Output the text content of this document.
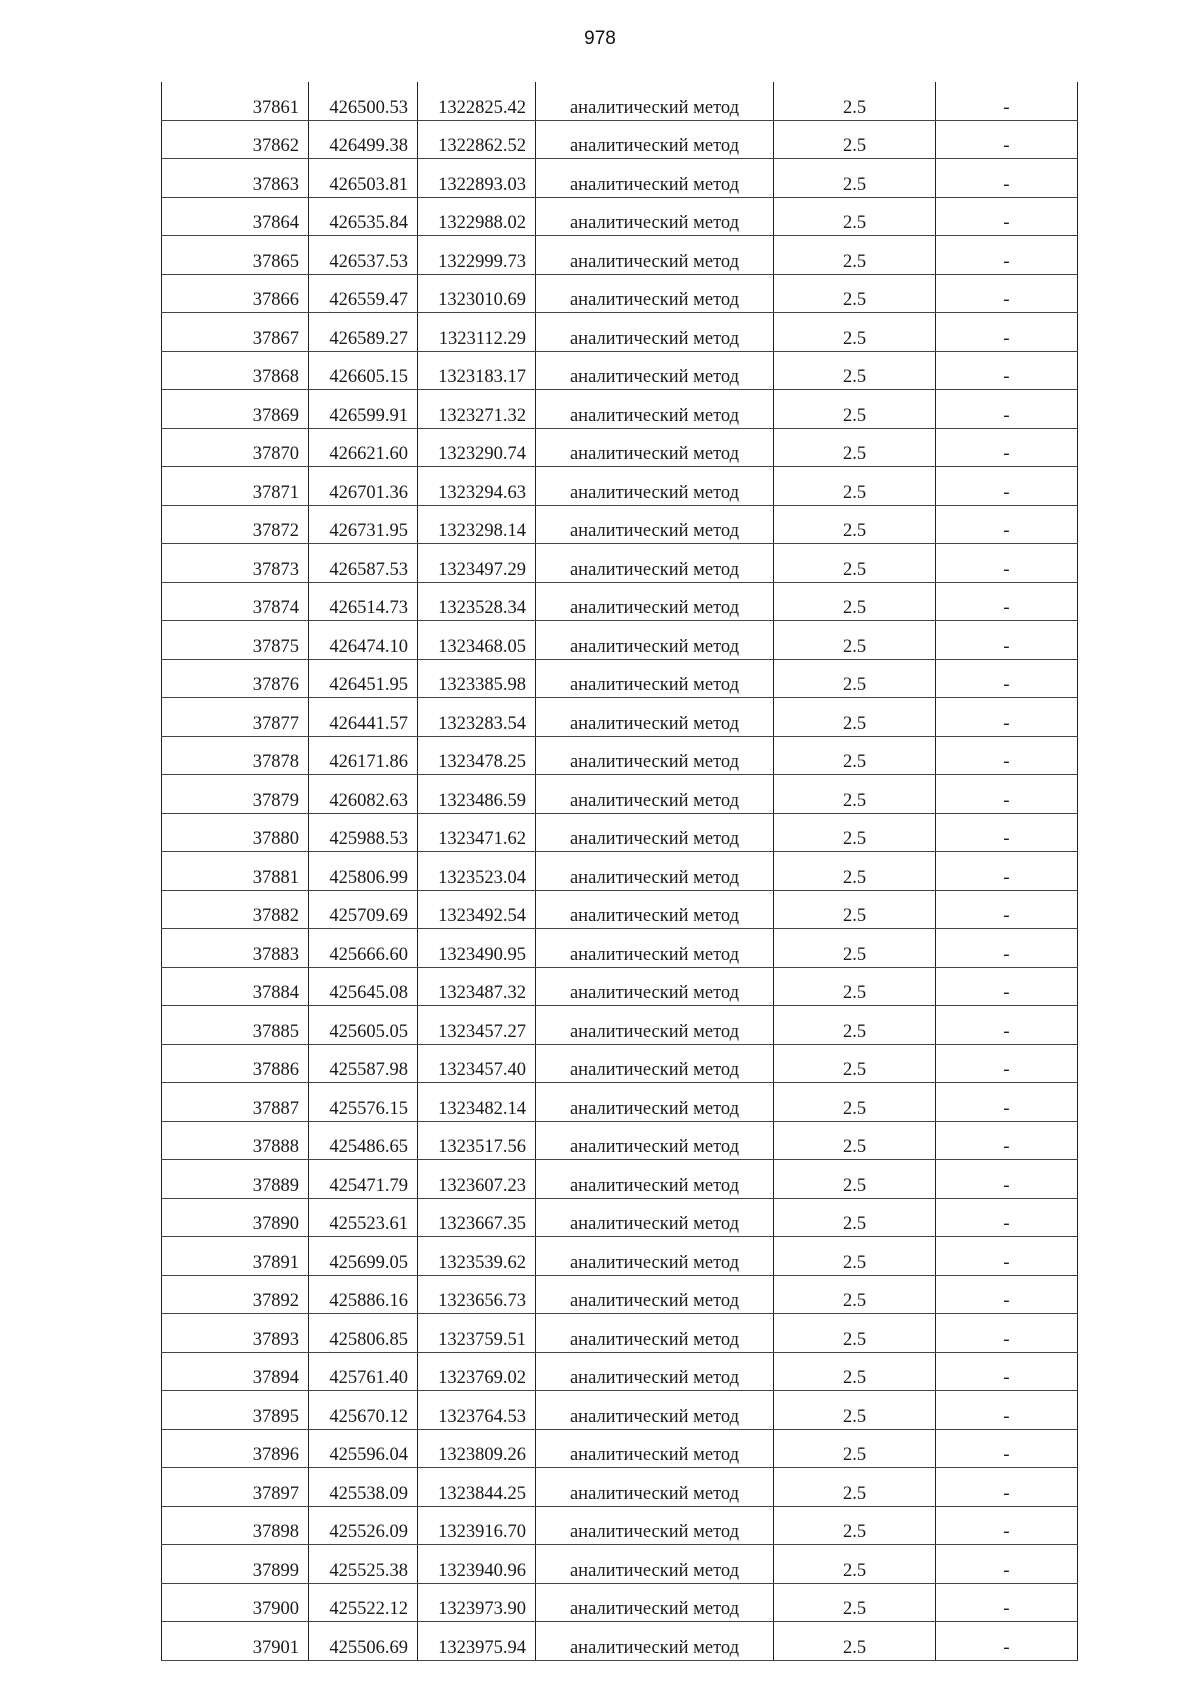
978
37861	426500.53	1322825.42	аналитический метод	2.5	-
37862	426499.38	1322862.52	аналитический метод	2.5	-
37863	426503.81	1322893.03	аналитический метод	2.5	-
37864	426535.84	1322988.02	аналитический метод	2.5	-
37865	426537.53	1322999.73	аналитический метод	2.5	-
37866	426559.47	1323010.69	аналитический метод	2.5	-
37867	426589.27	1323112.29	аналитический метод	2.5	-
37868	426605.15	1323183.17	аналитический метод	2.5	-
37869	426599.91	1323271.32	аналитический метод	2.5	-
37870	426621.60	1323290.74	аналитический метод	2.5	-
37871	426701.36	1323294.63	аналитический метод	2.5	-
37872	426731.95	1323298.14	аналитический метод	2.5	-
37873	426587.53	1323497.29	аналитический метод	2.5	-
37874	426514.73	1323528.34	аналитический метод	2.5	-
37875	426474.10	1323468.05	аналитический метод	2.5	-
37876	426451.95	1323385.98	аналитический метод	2.5	-
37877	426441.57	1323283.54	аналитический метод	2.5	-
37878	426171.86	1323478.25	аналитический метод	2.5	-
37879	426082.63	1323486.59	аналитический метод	2.5	-
37880	425988.53	1323471.62	аналитический метод	2.5	-
37881	425806.99	1323523.04	аналитический метод	2.5	-
37882	425709.69	1323492.54	аналитический метод	2.5	-
37883	425666.60	1323490.95	аналитический метод	2.5	-
37884	425645.08	1323487.32	аналитический метод	2.5	-
37885	425605.05	1323457.27	аналитический метод	2.5	-
37886	425587.98	1323457.40	аналитический метод	2.5	-
37887	425576.15	1323482.14	аналитический метод	2.5	-
37888	425486.65	1323517.56	аналитический метод	2.5	-
37889	425471.79	1323607.23	аналитический метод	2.5	-
37890	425523.61	1323667.35	аналитический метод	2.5	-
37891	425699.05	1323539.62	аналитический метод	2.5	-
37892	425886.16	1323656.73	аналитический метод	2.5	-
37893	425806.85	1323759.51	аналитический метод	2.5	-
37894	425761.40	1323769.02	аналитический метод	2.5	-
37895	425670.12	1323764.53	аналитический метод	2.5	-
37896	425596.04	1323809.26	аналитический метод	2.5	-
37897	425538.09	1323844.25	аналитический метод	2.5	-
37898	425526.09	1323916.70	аналитический метод	2.5	-
37899	425525.38	1323940.96	аналитический метод	2.5	-
37900	425522.12	1323973.90	аналитический метод	2.5	-
37901	425506.69	1323975.94	аналитический метод	2.5	-
